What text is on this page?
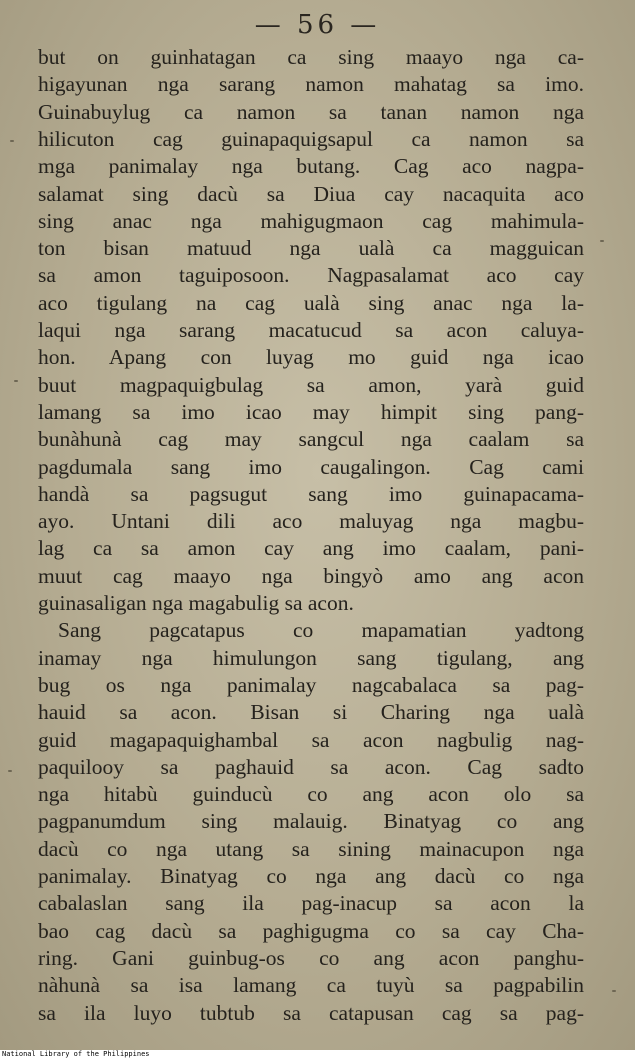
— 56 —
but on guinhatagan ca sing maayo nga ca-
higayunan nga sarang namon mahatag sa imo.
Guinabuylug ca namon sa tanan namon nga
hilicuton cag guinapaquigsapul ca namon sa
mga panimalay nga butang. Cag aco nagpa-
salamat sing dacù sa Diua cay nacaquita aco
sing anac nga mahigugmaon cag mahimula-
ton bisan matuud nga ualà ca magguican
sa amon taguiposoon. Nagpasalamat aco cay
aco tigulang na cag ualà sing anac nga la-
laqui nga sarang macatucud sa acon caluya-
hon. Apang con luyag mo guid nga icao
buut magpaquigbulag sa amon, yarà guid
lamang sa imo icao may himpit sing pang-
bunàhunà cag may sangcul nga caalam sa
pagdumala sang imo caugalingon. Cag cami
handà sa pagsugut sang imo guinapacama-
ayo. Untani dili aco maluyag nga magbu-
lag ca sa amon cay ang imo caalam, pani-
muut cag maayo nga bingyò amo ang acon
guinasaligan nga magabulig sa acon.
Sang pagcatapus co mapamatian yadtong
inamay nga himulungon sang tigulang, ang
bug os nga panimalay nagcabalaca sa pag-
hauid sa acon. Bisan si Charing nga ualà
guid magapaquighambal sa acon nagbulig nag-
paquilooy sa paghauid sa acon. Cag sadto
nga hitabù guinducù co ang acon olo sa
pagpanumdum sing malauig. Binatyag co ang
dacù co nga utang sa sining mainacupon nga
panimalay. Binatyag co nga ang dacù co nga
cabalaslan sang ila pag-inacup sa acon la
bao cag dacù sa paghigugma co sa cay Cha-
ring. Gani guinbug-os co ang acon panghu-
nàhunà sa isa lamang ca tuyù sa pagpabilin
sa ila luyo tubtub sa catapusan cag sa pag-
National Library of the Philippines
